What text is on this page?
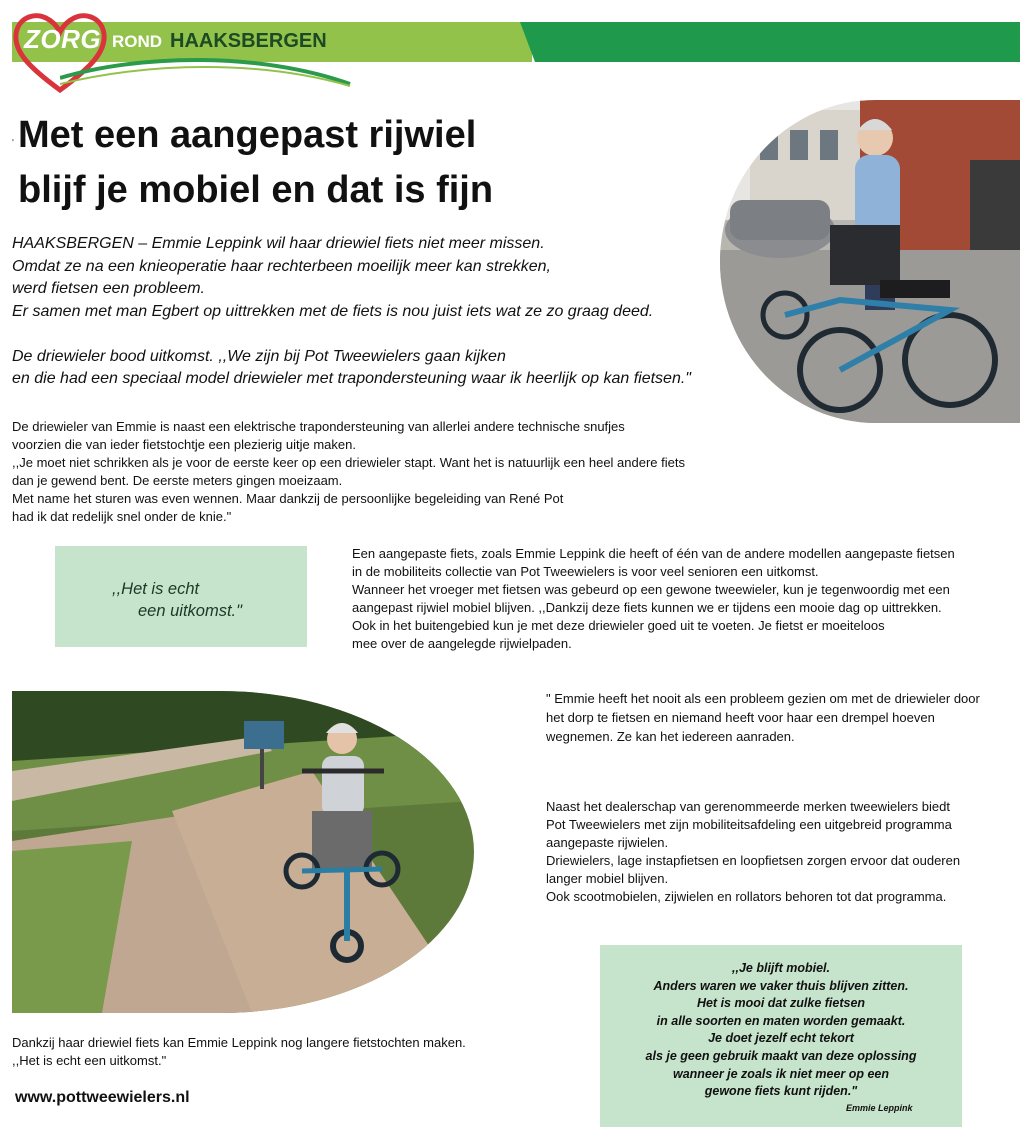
ZORG ROND HAAKSBERGEN
' Met een aangepast rijwiel
blijf je mobiel en dat is fijn

HAAKSBERGEN – Emmie Leppink wil haar driewiel fiets niet meer missen.

Omdat ze na een knieoperatie haar rechterbeen moeilijk meer kan strekken,

werd fietsen een probleem.

Er samen met man Egbert op uittrekken met de fiets is nou juist iets wat ze zo graag deed.

De driewieler bood uitkomst. ,,We zijn bij Pot Tweewielers gaan kijken

en die had een speciaal model driewieler met trapondersteuning waar ik heerlijk op kan fietsen."

De driewieler van Emmie is naast een elektrische trapondersteuning van allerlei andere technische snufjes

voorzien die van ieder fietstochtje een plezierig uitje maken.

,,Je moet niet schrikken als je voor de eerste keer op een driewieler stapt. Want het is natuurlijk een heel andere fiets

dan je gewend bent. De eerste meters gingen moeizaam.

Met name het sturen was even wennen. Maar dankzij de persoonlijke begeleiding van René Pot

had ik dat redelijk snel onder de knie."

,,Het is echt
een uitkomst."

Een aangepaste fiets, zoals Emmie Leppink die heeft of één van de andere modellen aangepaste fietsen

in de mobiliteits collectie van Pot Tweewielers is voor veel senioren een uitkomst.

Wanneer het vroeger met fietsen was gebeurd op een gewone tweewieler, kun je tegenwoordig met een

aangepast rijwiel mobiel blijven. ,,Dankzij deze fiets kunnen we er tijdens een mooie dag op uittrekken.

Ook in het buitengebied kun je met deze driewieler goed uit te voeten. Je fietst er moeiteloos

mee over de aangelegde rijwielpaden.

" Emmie heeft het nooit als een probleem gezien om met de driewieler door

het dorp te fietsen en niemand heeft voor haar een drempel hoeven

wegnemen. Ze kan het iedereen aanraden.

Naast het dealerschap van gerenommeerde merken tweewielers biedt

Pot Tweewielers met zijn mobiliteitsafdeling een uitgebreid programma

aangepaste rijwielen.

Driewielers, lage instapfietsen en loopfietsen zorgen ervoor dat ouderen

langer mobiel blijven.

Ook scootmobielen, zijwielen en rollators behoren tot dat programma.

,,Je blijft mobiel.

Anders waren we vaker thuis blijven zitten.

Het is mooi dat zulke fietsen

in alle soorten en maten worden gemaakt.

Je doet jezelf echt tekort

als je geen gebruik maakt van deze oplossing

wanneer je zoals ik niet meer op een

gewone fiets kunt rijden."

Emmie Leppink

Dankzij haar driewiel fiets kan Emmie Leppink nog langere fietstochten maken.

,,Het is echt een uitkomst."

www.pottweewielers.nl
